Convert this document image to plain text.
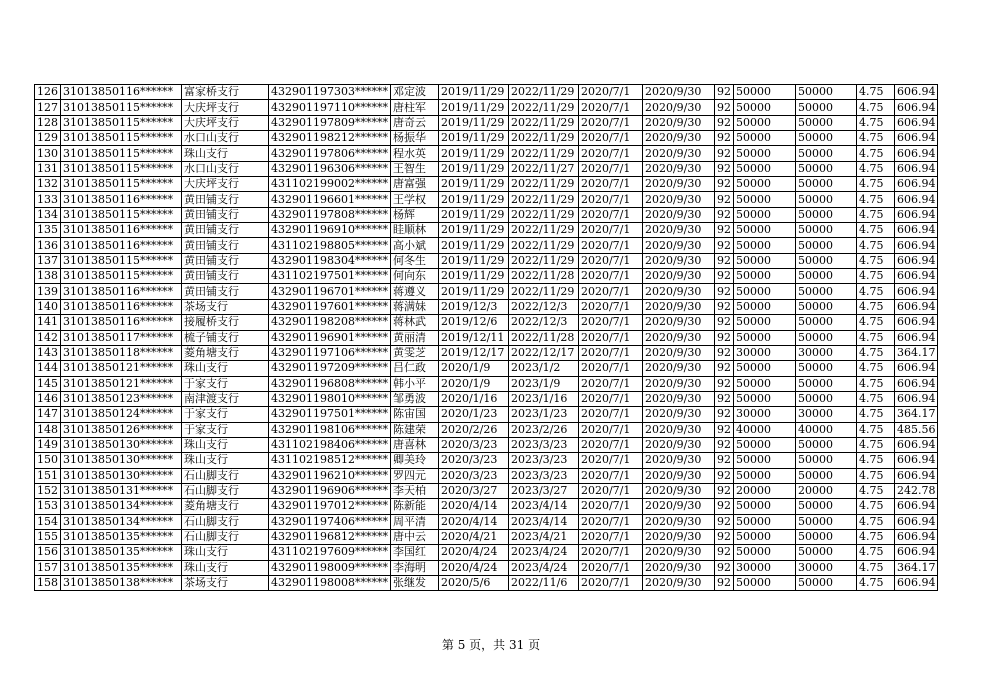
126	31013850116******	富家桥支行	432901197303******	邓定波	2019/11/29	2022/11/29	2020/7/1	2020/9/30	92	50000	50000	4.75	606.94
127	31013850115******	大庆坪支行	432901197110******	唐柱军	2019/11/29	2022/11/29	2020/7/1	2020/9/30	92	50000	50000	4.75	606.94
128	31013850115******	大庆坪支行	432901197809******	唐奇云	2019/11/29	2022/11/29	2020/7/1	2020/9/30	92	50000	50000	4.75	606.94
129	31013850115******	水口山支行	432901198212******	杨振华	2019/11/29	2022/11/29	2020/7/1	2020/9/30	92	50000	50000	4.75	606.94
130	31013850115******	珠山支行	432901197806******	程水英	2019/11/29	2022/11/29	2020/7/1	2020/9/30	92	50000	50000	4.75	606.94
131	31013850115******	水口山支行	432901196306******	王智生	2019/11/29	2022/11/27	2020/7/1	2020/9/30	92	50000	50000	4.75	606.94
132	31013850115******	大庆坪支行	431102199002******	唐富强	2019/11/29	2022/11/29	2020/7/1	2020/9/30	92	50000	50000	4.75	606.94
133	31013850116******	黄田铺支行	432901196601******	王学权	2019/11/29	2022/11/29	2020/7/1	2020/9/30	92	50000	50000	4.75	606.94
134	31013850115******	黄田铺支行	432901197808******	杨辉	2019/11/29	2022/11/29	2020/7/1	2020/9/30	92	50000	50000	4.75	606.94
135	31013850116******	黄田铺支行	432901196910******	眭顺林	2019/11/29	2022/11/29	2020/7/1	2020/9/30	92	50000	50000	4.75	606.94
136	31013850116******	黄田铺支行	431102198805******	高小斌	2019/11/29	2022/11/29	2020/7/1	2020/9/30	92	50000	50000	4.75	606.94
137	31013850115******	黄田铺支行	432901198304******	何冬生	2019/11/29	2022/11/29	2020/7/1	2020/9/30	92	50000	50000	4.75	606.94
138	31013850115******	黄田铺支行	431102197501******	何向东	2019/11/29	2022/11/28	2020/7/1	2020/9/30	92	50000	50000	4.75	606.94
139	31013850116******	黄田铺支行	432901196701******	蒋遵义	2019/11/29	2022/11/29	2020/7/1	2020/9/30	92	50000	50000	4.75	606.94
140	31013850116******	茶场支行	432901197601******	蒋满妹	2019/12/3	2022/12/3	2020/7/1	2020/9/30	92	50000	50000	4.75	606.94
141	31013850116******	接履桥支行	432901198208******	蒋林武	2019/12/6	2022/12/3	2020/7/1	2020/9/30	92	50000	50000	4.75	606.94
142	31013850117******	梳子铺支行	432901196901******	黄丽清	2019/12/11	2022/11/28	2020/7/1	2020/9/30	92	50000	50000	4.75	606.94
143	31013850118******	菱角塘支行	432901197106******	黄雯芝	2019/12/17	2022/12/17	2020/7/1	2020/9/30	92	30000	30000	4.75	364.17
144	31013850121******	珠山支行	432901197209******	吕仁政	2020/1/9	2023/1/2	2020/7/1	2020/9/30	92	50000	50000	4.75	606.94
145	31013850121******	于家支行	432901196808******	韩小平	2020/1/9	2023/1/9	2020/7/1	2020/9/30	92	50000	50000	4.75	606.94
146	31013850123******	南津渡支行	432901198010******	邹勇波	2020/1/16	2023/1/16	2020/7/1	2020/9/30	92	50000	50000	4.75	606.94
147	31013850124******	于家支行	432901197501******	陈宙国	2020/1/23	2023/1/23	2020/7/1	2020/9/30	92	30000	30000	4.75	364.17
148	31013850126******	于家支行	432901198106******	陈建荣	2020/2/26	2023/2/26	2020/7/1	2020/9/30	92	40000	40000	4.75	485.56
149	31013850130******	珠山支行	431102198406******	唐喜林	2020/3/23	2023/3/23	2020/7/1	2020/9/30	92	50000	50000	4.75	606.94
150	31013850130******	珠山支行	431102198512******	卿美玲	2020/3/23	2023/3/23	2020/7/1	2020/9/30	92	50000	50000	4.75	606.94
151	31013850130******	石山脚支行	432901196210******	罗四元	2020/3/23	2023/3/23	2020/7/1	2020/9/30	92	50000	50000	4.75	606.94
152	31013850131******	石山脚支行	432901196906******	李天柏	2020/3/27	2023/3/27	2020/7/1	2020/9/30	92	20000	20000	4.75	242.78
153	31013850134******	菱角塘支行	432901197012******	陈新能	2020/4/14	2023/4/14	2020/7/1	2020/9/30	92	50000	50000	4.75	606.94
154	31013850134******	石山脚支行	432901197406******	周平清	2020/4/14	2023/4/14	2020/7/1	2020/9/30	92	50000	50000	4.75	606.94
155	31013850135******	石山脚支行	432901196812******	唐中云	2020/4/21	2023/4/21	2020/7/1	2020/9/30	92	50000	50000	4.75	606.94
156	31013850135******	珠山支行	431102197609******	李国红	2020/4/24	2023/4/24	2020/7/1	2020/9/30	92	50000	50000	4.75	606.94
157	31013850135******	珠山支行	432901198009******	李海明	2020/4/24	2023/4/24	2020/7/1	2020/9/30	92	30000	30000	4.75	364.17
158	31013850138******	茶场支行	432901198008******	张继发	2020/5/6	2022/11/6	2020/7/1	2020/9/30	92	50000	50000	4.75	606.94
第 5 页，共 31 页
